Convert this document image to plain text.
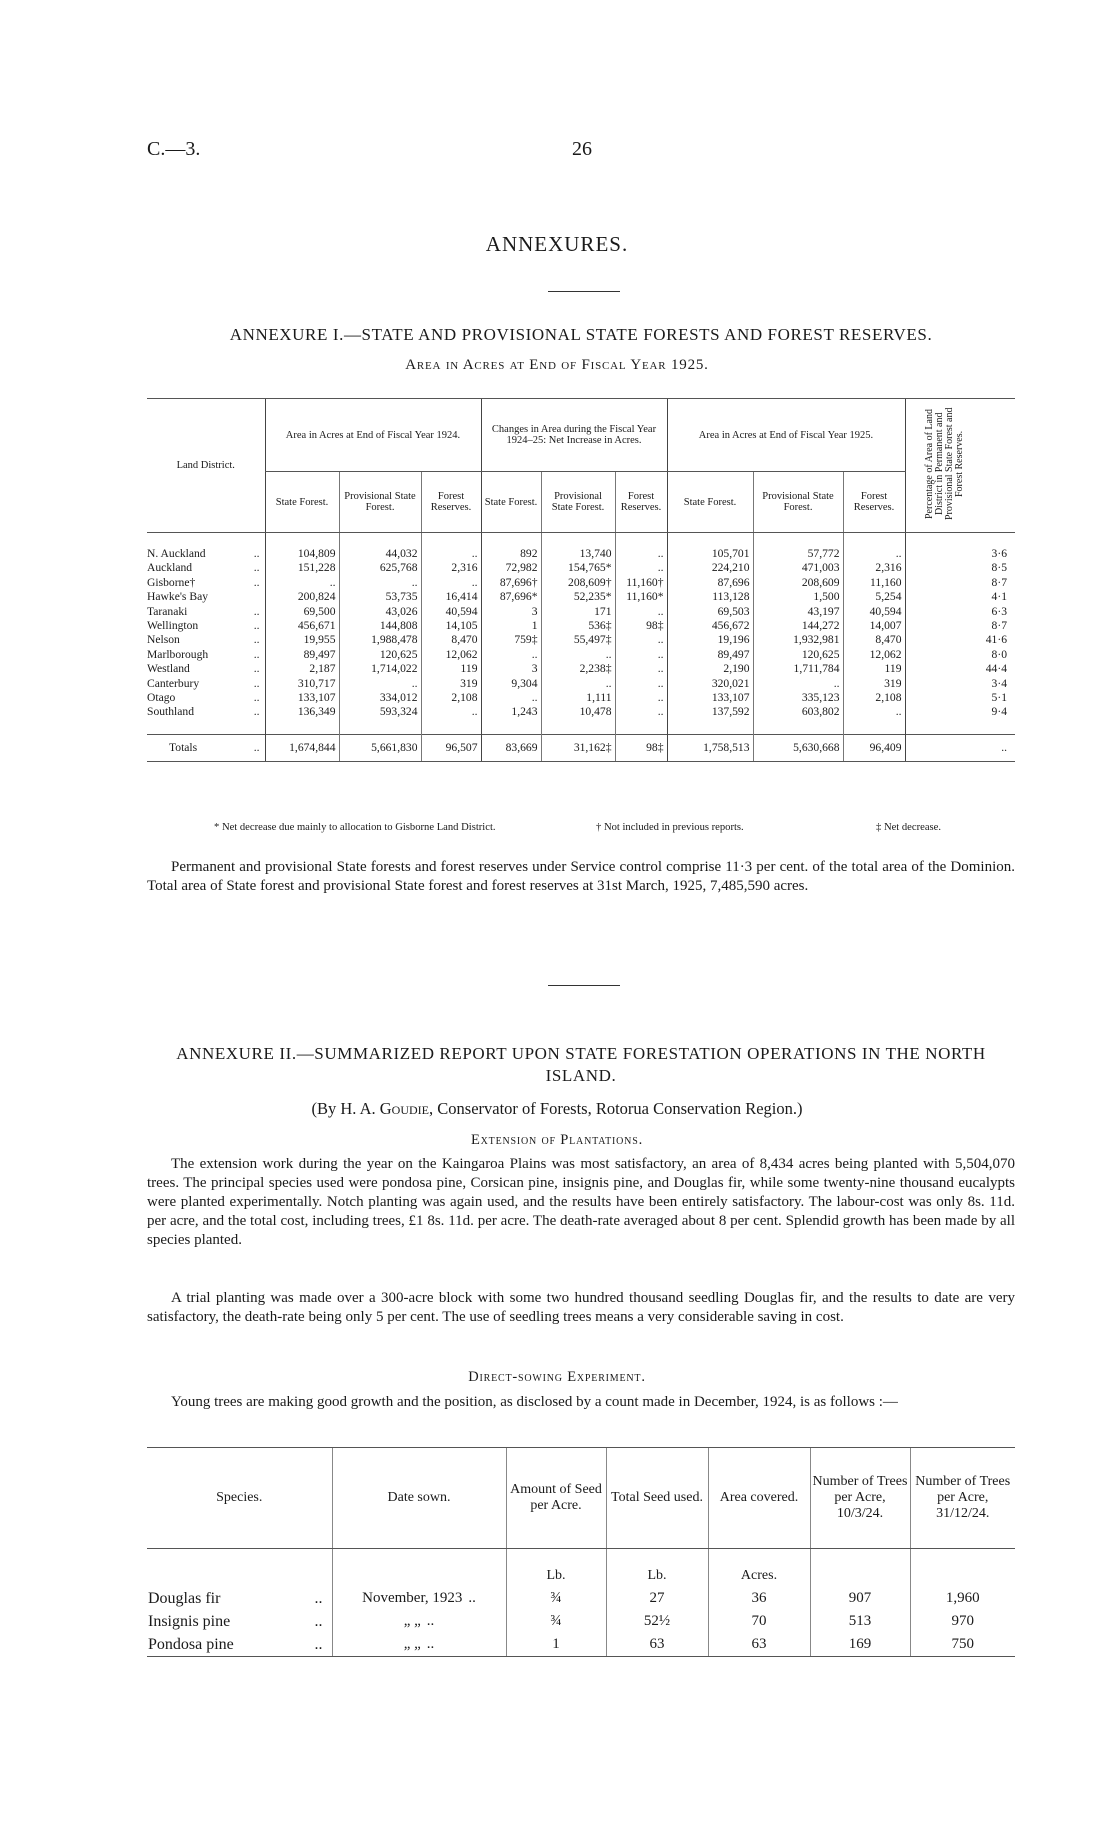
C.—3.	26
ANNEXURES.
ANNEXURE I.—STATE AND PROVISIONAL STATE FORESTS AND FOREST RESERVES.
Area in Acres at End of Fiscal Year 1925.
Land District.	Area in Acres at End of Fiscal Year 1924.			Changes in Area during the Fiscal Year 1924–25: Net Increase in Acres.			Area in Acres at End of Fiscal Year 1925.			Percentage of Area of Land District in Permanent and Provisional State Forest and Forest Reserves.
	State Forest.	Provisional State Forest.	Forest Reserves.	State Forest.	Provisional State Forest.	Forest Reserves.	State Forest.	Provisional State Forest.	Forest Reserves.	

N. Auckland ..	104,809	44,032	..	892	13,740	..	105,701	57,772	..	3·6
Auckland ..	151,228	625,768	2,316	72,982	154,765*	..	224,210	471,003	2,316	8·5
Gisborne† ..	..	..	..	87,696†	208,609†	11,160†	87,696	208,609	11,160	8·7
Hawke's Bay	200,824	53,735	16,414	87,696*	52,235*	11,160*	113,128	1,500	5,254	4·1
Taranaki ..	69,500	43,026	40,594	3	171	..	69,503	43,197	40,594	6·3
Wellington ..	456,671	144,808	14,105	1	536‡	98‡	456,672	144,272	14,007	8·7
Nelson ..	19,955	1,988,478	8,470	759‡	55,497‡	..	19,196	1,932,981	8,470	41·6
Marlborough ..	89,497	120,625	12,062	..	..	..	89,497	120,625	12,062	8·0
Westland ..	2,187	1,714,022	119	3	2,238‡	..	2,190	1,711,784	119	44·4
Canterbury ..	310,717	..	319	9,304	..	..	320,021	..	319	3·4
Otago ..	133,107	334,012	2,108	..	1,111	..	133,107	335,123	2,108	5·1
Southland ..	136,349	593,324	..	1,243	10,478	..	137,592	603,802	..	9·4

Totals ..	1,674,844	5,661,830	96,507	83,669	31,162‡	98‡	1,758,513	5,630,668	96,409	..
* Net decrease due mainly to allocation to Gisborne Land District.	† Not included in previous reports.	‡ Net decrease.
Permanent and provisional State forests and forest reserves under Service control comprise 11·3 per cent. of the total area of the Dominion. Total area of State forest and provisional State forest and forest reserves at 31st March, 1925, 7,485,590 acres.
ANNEXURE II.—SUMMARIZED REPORT UPON STATE FORESTATION OPERATIONS IN THE NORTH ISLAND.
(By H. A. Goudie, Conservator of Forests, Rotorua Conservation Region.)
Extension of Plantations.
The extension work during the year on the Kaingaroa Plains was most satisfactory, an area of 8,434 acres being planted with 5,504,070 trees. The principal species used were pondosa pine, Corsican pine, insignis pine, and Douglas fir, while some twenty-nine thousand eucalypts were planted experimentally. Notch planting was again used, and the results have been entirely satisfactory. The labour-cost was only 8s. 11d. per acre, and the total cost, including trees, £1 8s. 11d. per acre. The death-rate averaged about 8 per cent. Splendid growth has been made by all species planted.
A trial planting was made over a 300-acre block with some two hundred thousand seedling Douglas fir, and the results to date are very satisfactory, the death-rate being only 5 per cent. The use of seedling trees means a very considerable saving in cost.
Direct-sowing Experiment.
Young trees are making good growth and the position, as disclosed by a count made in December, 1924, is as follows :—
Species.	Date sown.	Amount of Seed per Acre.	Total Seed used.	Area covered.	Number of Trees per Acre, 10/3/24.	Number of Trees per Acre, 31/12/24.
		Lb.	Lb.	Acres.		
Douglas fir ..	November, 1923 ..	¾	27	36	907	1,960
Insignis pine ..	„ „ ..	¾	52½	70	513	970
Pondosa pine ..	„ „ ..	1	63	63	169	750
